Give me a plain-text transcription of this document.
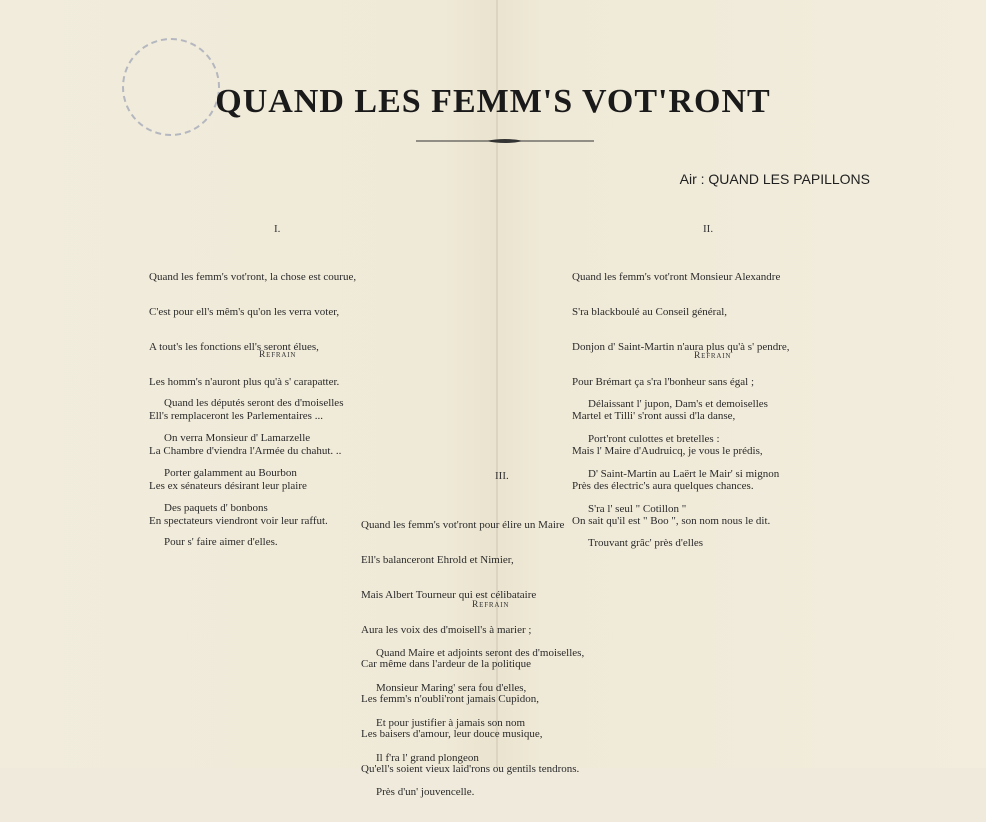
QUAND LES FEMM'S VOT'RONT
Air : QUAND LES PAPILLONS
I.

Quand les femm's vot'ront, la chose est courue,

C'est pour ell's mêm's qu'on les verra voter,

A tout's les fonctions ell's seront élues,

Les homm's n'auront plus qu'à s' carapatter.

Ell's remplaceront les Parlementaires ...

La Chambre d'viendra l'Armée du chahut. ..

Les ex sénateurs désirant leur plaire

En spectateurs viendront voir leur raffut.

Refrain

Quand les députés seront des d'moiselles

On verra Monsieur d' Lamarzelle

Porter galamment au Bourbon

Des paquets d' bonbons

Pour s' faire aimer d'elles.

II.

Quand les femm's vot'ront Monsieur Alexandre

S'ra blackboulé au Conseil général,

Donjon d' Saint-Martin n'aura plus qu'à s' pendre,

Pour Brémart ça s'ra l'bonheur sans égal ;

Martel et Tilli' s'ront aussi d'la danse,

Mais l' Maire d'Audruicq, je vous le prédis,

Près des électric's aura quelques chances.

On sait qu'il est " Boo ", son nom nous le dit.

Refrain

Délaissant l' jupon, Dam's et demoiselles

Port'ront culottes et bretelles :

D' Saint-Martin au Laërt le Mair' si mignon

S'ra l' seul " Cotillon "

Trouvant grâc' près d'elles

III.

Quand les femm's vot'ront pour élire un Maire

Ell's balanceront Ehrold et Nimier,

Mais Albert Tourneur qui est célibataire

Aura les voix des d'moisell's à marier ;

Car même dans l'ardeur de la politique

Les femm's n'oubli'ront jamais Cupidon,

Les baisers d'amour, leur douce musique,

Qu'ell's soient vieux laid'rons ou gentils tendrons.

Refrain

Quand Maire et adjoints seront des d'moiselles,

Monsieur Maring' sera fou d'elles,

Et pour justifier à jamais son nom

Il f'ra l' grand plongeon

Près d'un' jouvencelle.
